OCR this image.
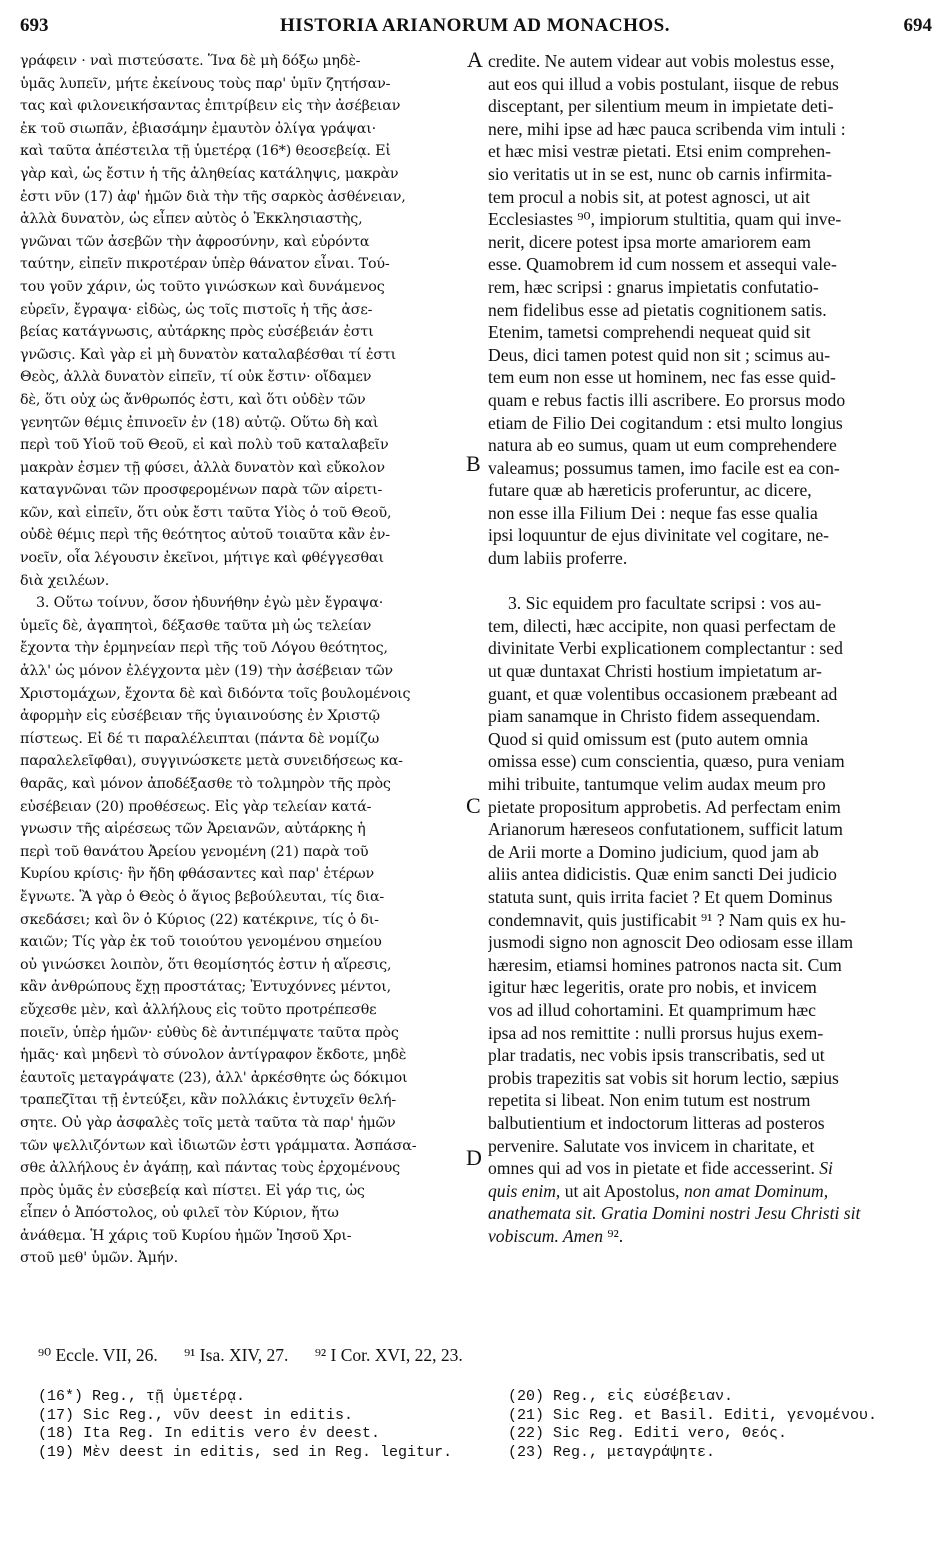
693	HISTORIA ARIANORUM AD MONACHOS.	694
γράφειν · ναὶ πιστεύσατε. Ἵνα δὲ μὴ δόξω μηδὲ-
ὑμᾶς λυπεῖν, μήτε ἐκείνους τοὺς παρ' ὑμῖν ζητήσαν-
τας καὶ φιλονεικήσαντας ἐπιτρίβειν εἰς τὴν ἀσέβειαν
ἐκ τοῦ σιωπᾶν, ἐβιασάμην ἐμαυτὸν ὀλίγα γράψαι·
καὶ ταῦτα ἀπέστειλα τῇ ὑμετέρᾳ (16*) θεοσεβείᾳ. Εἰ
γὰρ καὶ, ὡς ἔστιν ἡ τῆς ἀληθείας κατάληψις, μακρὰν
ἐστι νῦν (17) ἀφ' ἡμῶν διὰ τὴν τῆς σαρκὸς ἀσθένειαν,
ἀλλὰ δυνατὸν, ὡς εἶπεν αὐτὸς ὁ Ἐκκλησιαστὴς,
γνῶναι τῶν ἀσεβῶν τὴν ἀφροσύνην, καὶ εὑρόντα
ταύτην, εἰπεῖν πικροτέραν ὑπὲρ θάνατον εἶναι. Τού-
του γοῦν χάριν, ὡς τοῦτο γινώσκων καὶ δυνάμενος
εὑρεῖν, ἔγραψα· εἰδὼς, ὡς τοῖς πιστοῖς ἡ τῆς ἀσε-
βείας κατάγνωσις, αὐτάρκης πρὸς εὐσέβειάν ἐστι
γνῶσις. Καὶ γὰρ εἰ μὴ δυνατὸν καταλαβέσθαι τί ἐστι
Θεὸς, ἀλλὰ δυνατὸν εἰπεῖν, τί οὐκ ἔστιν· οἴδαμεν
δὲ, ὅτι οὐχ ὡς ἄνθρωπός ἐστι, καὶ ὅτι οὐδὲν τῶν
γενητῶν θέμις ἐπινοεῖν ἐν (18) αὐτῷ. Οὕτω δὴ καὶ
περὶ τοῦ Υἱοῦ τοῦ Θεοῦ, εἰ καὶ πολὺ τοῦ καταλαβεῖν
μακρὰν ἐσμεν τῇ φύσει, ἀλλὰ δυνατὸν καὶ εὔκολον
καταγνῶναι τῶν προσφερομένων παρὰ τῶν αἱρετι-
κῶν, καὶ εἰπεῖν, ὅτι οὐκ ἔστι ταῦτα Υἱὸς ὁ τοῦ Θεοῦ,
οὐδὲ θέμις περὶ τῆς θεότητος αὐτοῦ τοιαῦτα κἂν ἐν-
νοεῖν, οἷα λέγουσιν ἐκεῖνοι, μήτιγε καὶ φθέγγεσθαι
διὰ χειλέων.
3. Οὕτω τοίνυν, ὅσον ἠδυνήθην ἐγὼ μὲν ἔγραψα·
ὑμεῖς δὲ, ἀγαπητοὶ, δέξασθε ταῦτα μὴ ὡς τελείαν
ἔχοντα τὴν ἑρμηνείαν περὶ τῆς τοῦ Λόγου θεότητος,
ἀλλ' ὡς μόνον ἐλέγχοντα μὲν (19) τὴν ἀσέβειαν τῶν
Χριστομάχων, ἔχοντα δὲ καὶ διδόντα τοῖς βουλομένοις
ἀφορμὴν εἰς εὐσέβειαν τῆς ὑγιαινούσης ἐν Χριστῷ
πίστεως. Εἰ δέ τι παραλέλειπται (πάντα δὲ νομίζω
παραλελεῖφθαι), συγγινώσκετε μετὰ συνειδήσεως κα-
θαρᾶς, καὶ μόνον ἀποδέξασθε τὸ τολμηρὸν τῆς πρὸς
εὐσέβειαν (20) προθέσεως. Εἰς γὰρ τελείαν κατά-
γνωσιν τῆς αἱρέσεως τῶν Ἀρειανῶν, αὐτάρκης ἡ
περὶ τοῦ θανάτου Ἀρείου γενομένη (21) παρὰ τοῦ
Κυρίου κρίσις· ἣν ἤδη φθάσαντες καὶ παρ' ἑτέρων
ἔγνωτε. Ἃ γὰρ ὁ Θεὸς ὁ ἅγιος βεβούλευται, τίς δια-
σκεδάσει; καὶ ὃν ὁ Κύριος (22) κατέκρινε, τίς ὁ δι-
καιῶν; Τίς γὰρ ἐκ τοῦ τοιούτου γενομένου σημείου
οὐ γινώσκει λοιπὸν, ὅτι θεομίσητός ἐστιν ἡ αἵρεσις,
κἂν ἀνθρώπους ἔχῃ προστάτας; Ἐντυχόννες μέντοι,
εὔχεσθε μὲν, καὶ ἀλλήλους εἰς τοῦτο προτρέπεσθε
ποιεῖν, ὑπὲρ ἡμῶν· εὐθὺς δὲ ἀντιπέμψατε ταῦτα πρὸς
ἡμᾶς· καὶ μηδενὶ τὸ σύνολον ἀντίγραφον ἔκδοτε, μηδὲ
ἑαυτοῖς μεταγράψατε (23), ἀλλ' ἀρκέσθητε ὡς δόκιμοι
τραπεζῖται τῇ ἐντεύξει, κἂν πολλάκις ἐντυχεῖν θελή-
σητε. Οὐ γὰρ ἀσφαλὲς τοῖς μετὰ ταῦτα τὰ παρ' ἡμῶν
τῶν ψελλιζόντων καὶ ἰδιωτῶν ἐστι γράμματα. Ἀσπάσα-
σθε ἀλλήλους ἐν ἀγάπῃ, καὶ πάντας τοὺς ἐρχομένους
πρὸς ὑμᾶς ἐν εὐσεβείᾳ καὶ πίστει. Εἰ γάρ τις, ὡς
εἶπεν ὁ Ἀπόστολος, οὐ φιλεῖ τὸν Κύριον, ἤτω
ἀνάθεμα. Ἡ χάρις τοῦ Κυρίου ἡμῶν Ἰησοῦ Χρι-
στοῦ μεθ' ὑμῶν. Ἀμήν.
credite. Ne autem videar aut vobis molestus esse,
aut eos qui illud a vobis postulant, iisque de rebus
disceptant, per silentium meum in impietate deti-
nere, mihi ipse ad hæc pauca scribenda vim intuli :
et hæc misi vestræ pietati. Etsi enim comprehen-
sio veritatis ut in se est, nunc ob carnis infirmita-
tem procul a nobis sit, at potest agnosci, ut ait
Ecclesiastes ⁹⁰, impiorum stultitia, quam qui inve-
nerit, dicere potest ipsa morte amariorem eam
esse. Quamobrem id cum nossem et assequi vale-
rem, hæc scripsi : gnarus impietatis confutatio-
nem fidelibus esse ad pietatis cognitionem satis.
Etenim, tametsi comprehendi nequeat quid sit
Deus, dici tamen potest quid non sit ; scimus au-
tem eum non esse ut hominem, nec fas esse quid-
quam e rebus factis illi ascribere. Eo prorsus modo
etiam de Filio Dei cogitandum : etsi multo longius
natura ab eo sumus, quam ut eum comprehendere
valeamus; possumus tamen, imo facile est ea con-
futare quæ ab hæreticis proferuntur, ac dicere,
non esse illa Filium Dei : neque fas esse qualia
ipsi loquuntur de ejus divinitate vel cogitare, ne-
dum labiis proferre.
3. Sic equidem pro facultate scripsi : vos au-
tem, dilecti, hæc accipite, non quasi perfectam de
divinitate Verbi explicationem complectantur : sed
ut quæ duntaxat Christi hostium impietatum ar-
guant, et quæ volentibus occasionem præbeant ad
piam sanamque in Christo fidem assequendam.
Quod si quid omissum est (puto autem omnia
omissa esse) cum conscientia, quæso, pura veniam
mihi tribuite, tantumque velim audax meum pro
pietate propositum approbetis. Ad perfectam enim
Arianorum hæreseos confutationem, sufficit latum
de Arii morte a Domino judicium, quod jam ab
aliis antea didicistis. Quæ enim sancti Dei judicio
statuta sunt, quis irrita faciet ? Et quem Dominus
condemnavit, quis justificabit ⁹¹ ? Nam quis ex hu-
jusmodi signo non agnoscit Deo odiosam esse illam
hæresim, etiamsi homines patronos nacta sit. Cum
igitur hæc legeritis, orate pro nobis, et invicem
vos ad illud cohortamini. Et quamprimum hæc
ipsa ad nos remittite : nulli prorsus hujus exem-
plar tradatis, nec vobis ipsis transcribatis, sed ut
probis trapezitis sat vobis sit horum lectio, sæpius
repetita si libeat. Non enim tutum est nostrum
balbutientium et indoctorum litteras ad posteros
pervenire. Salutate vos invicem in charitate, et
omnes qui ad vos in pietate et fide accesserint. Si
quis enim, ut ait Apostolus, non amat Dominum,
anathemata sit. Gratia Domini nostri Jesu Christi sit
vobiscum. Amen ⁹².
A
B
C
D
⁹⁰ Eccle. VII, 26. ⁹¹ Isa. XIV, 27. ⁹² I Cor. XVI, 22, 23.
(16*) Reg., τῇ ὑμετέρᾳ.
(17) Sic Reg., νῦν deest in editis.
(18) Ita Reg. In editis vero ἐν deest.
(19) Μὲν deest in editis, sed in Reg. legitur.
(20) Reg., εἰς εὐσέβειαν.
(21) Sic Reg. et Basil. Editi, γενομένου.
(22) Sic Reg. Editi vero, Θεός.
(23) Reg., μεταγράψητε.
